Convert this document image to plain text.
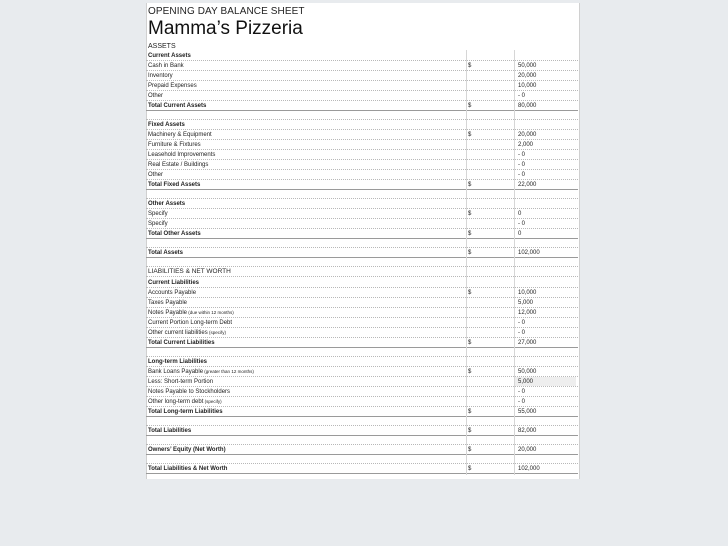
OPENING DAY BALANCE SHEET
Mamma’s Pizzeria
ASSETS
Current Assets
Cash in Bank	$	50,000
Inventory	20,000
Prepaid Expenses	10,000
Other	- 0
Total Current Assets	$	80,000
Fixed Assets
Machinery & Equipment	$	20,000
Furniture & Fixtures	2,000
Leasehold Improvements	- 0
Real Estate / Buildings	- 0
Other	- 0
Total Fixed Assets	$	22,000
Other Assets
Specify	$	0
Specify	- 0
Total Other Assets	$	0
Total Assets	$	102,000
LIABILITIES & NET WORTH
Current Liabilities
Accounts Payable	$	10,000
Taxes Payable	5,000
Notes Payable (due within 12 months)	12,000
Current Portion Long-term Debt	- 0
Other current liabilities (specify)	- 0
Total Current Liabilities	$	27,000
Long-term Liabilities
Bank Loans Payable (greater than 12 months)	$	50,000
Less: Short-term Portion	5,000
Notes Payable to Stockholders	- 0
Other long-term debt (specify)	- 0
Total Long-term Liabilities	$	55,000
Total Liabilities	$	82,000
Owners’ Equity (Net Worth)	$	20,000
Total Liabilities & Net Worth	$	102,000
